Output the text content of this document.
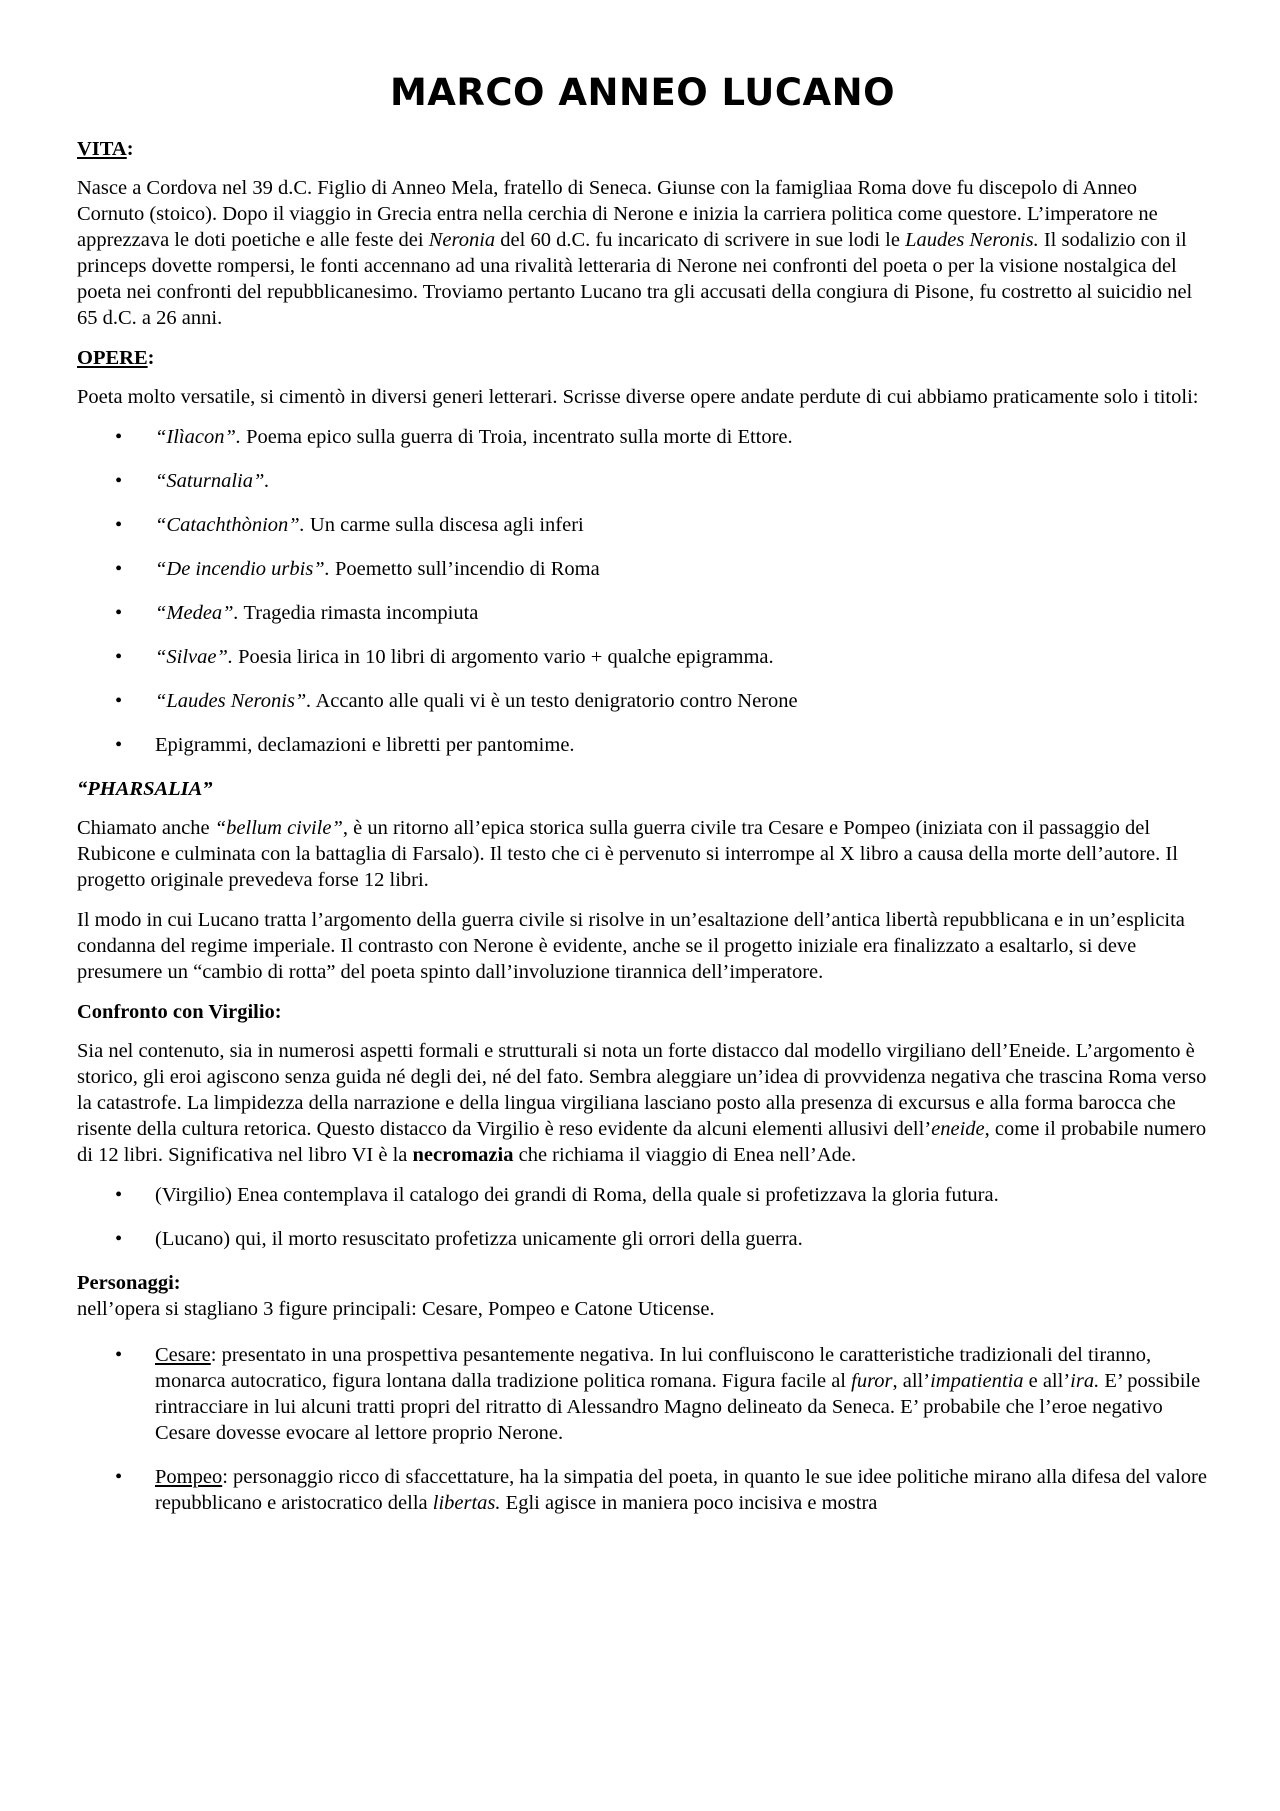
MARCO ANNEO LUCANO
VITA:

Nasce a Cordova nel 39 d.C. Figlio di Anneo Mela, fratello di Seneca. Giunse con la famigliaa Roma dove fu discepolo di Anneo Cornuto (stoico). Dopo il viaggio in Grecia entra nella cerchia di Nerone e inizia la carriera politica come questore. L’imperatore ne apprezzava le doti poetiche e alle feste dei Neronia del 60 d.C. fu incaricato di scrivere in sue lodi le Laudes Neronis. Il sodalizio con il princeps dovette rompersi, le fonti accennano ad una rivalità letteraria di Nerone nei confronti del poeta o per la visione nostalgica del poeta nei confronti del repubblicanesimo. Troviamo pertanto Lucano tra gli accusati della congiura di Pisone, fu costretto al suicidio nel 65 d.C. a 26 anni.

OPERE:

Poeta molto versatile, si cimentò in diversi generi letterari. Scrisse diverse opere andate perdute di cui abbiamo praticamente solo i titoli:

• “Ilìacon”. Poema epico sulla guerra di Troia, incentrato sulla morte di Ettore.
• “Saturnalia”.
• “Catachthònion”. Un carme sulla discesa agli inferi
• “De incendio urbis”. Poemetto sull’incendio di Roma
• “Medea”. Tragedia rimasta incompiuta
• “Silvae”. Poesia lirica in 10 libri di argomento vario + qualche epigramma.
• “Laudes Neronis”. Accanto alle quali vi è un testo denigratorio contro Nerone
• Epigrammi, declamazioni e libretti per pantomime.
“PHARSALIA”

Chiamato anche “bellum civile”, è un ritorno all’epica storica sulla guerra civile tra Cesare e Pompeo (iniziata con il passaggio del Rubicone e culminata con la battaglia di Farsalo). Il testo che ci è pervenuto si interrompe al X libro a causa della morte dell’autore. Il progetto originale prevedeva forse 12 libri.

Il modo in cui Lucano tratta l’argomento della guerra civile si risolve in un’esaltazione dell’antica libertà repubblicana e in un’esplicita condanna del regime imperiale. Il contrasto con Nerone è evidente, anche se il progetto iniziale era finalizzato a esaltarlo, si deve presumere un “cambio di rotta” del poeta spinto dall’involuzione tirannica dell’imperatore.

Confronto con Virgilio:

Sia nel contenuto, sia in numerosi aspetti formali e strutturali si nota un forte distacco dal modello virgiliano dell’Eneide. L’argomento è storico, gli eroi agiscono senza guida né degli dei, né del fato. Sembra aleggiare un’idea di provvidenza negativa che trascina Roma verso la catastrofe. La limpidezza della narrazione e della lingua virgiliana lasciano posto alla presenza di excursus e alla forma barocca che risente della cultura retorica. Questo distacco da Virgilio è reso evidente da alcuni elementi allusivi dell’eneide, come il probabile numero di 12 libri. Significativa nel libro VI è la necromazia che richiama il viaggio di Enea nell’Ade.

• (Virgilio) Enea contemplava il catalogo dei grandi di Roma, della quale si profetizzava la gloria futura.
• (Lucano) qui, il morto resuscitato profetizza unicamente gli orrori della guerra.
Personaggi:

nell’opera si stagliano 3 figure principali: Cesare, Pompeo e Catone Uticense.

• Cesare: presentato in una prospettiva pesantemente negativa. In lui confluiscono le caratteristiche tradizionali del tiranno, monarca autocratico, figura lontana dalla tradizione politica romana. Figura facile al furor, all’impatientia e all’ira. E’ possibile rintracciare in lui alcuni tratti propri del ritratto di Alessandro Magno delineato da Seneca. E’ probabile che l’eroe negativo Cesare dovesse evocare al lettore proprio Nerone.
• Pompeo: personaggio ricco di sfaccettature, ha la simpatia del poeta, in quanto le sue idee politiche mirano alla difesa del valore repubblicano e aristocratico della libertas. Egli agisce in maniera poco incisiva e mostra
